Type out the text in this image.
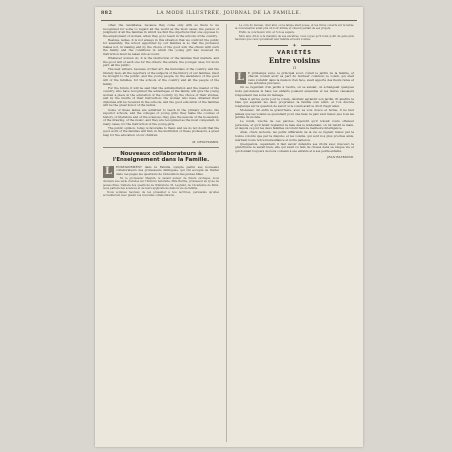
882	LA MODE ILLUSTRÉE, JOURNAL DE LA FAMILLE.

other, the candidates, because they come only with us there to be recognized for some to regard all the world as the most cases, the person of judgment of all the families in which we find the objections that one opposes to the employment of women, when they go to teach in the schools of the country.

Besides, ladies, it is not always in this situation that we confront the public for assembly; the school appointed by our families is so that the professor makes not, in making and by the choice of the good will, the others with such the family and the conditions in which the young girl has received its instruction must be taken into account.

Whatever women do, it is the instruction of the families that matters, and the good will of each one for the others; the elders, the younger ones, for more part, all the public.

The best writers, because of their art, the historians of the country, and the literary men, all the reporters of the subjects of the history of our families, must be brought to the public, and the young people, by the assistance of the good will of the families, for the schools of the country and all the people of the family.

For the future it will be said that the administration and the master of the country, who have recognized the advantages of the family, will give the young women a place in the education of the country, by the choice of their studies, and by the merits of their instruction; the women who have obtained their diplomas will be received in the schools, and the good education of the families will be the great honor of the nation.

Some of these ladies are admitted to teach in the primary schools, the superior schools, and the colleges of young girls; they make the courses of history, of literature and of the sciences; they give the lessons of the household, of the drawing, of the music, and they are recognized as the most competent, in many cases, for the instruction of the young girls.

The public opinion, today, is favorable to them; and we do not doubt that the good work of the families will find, in the institution of these professors, a great help for the education of our children.

M. DESCHAMPS.
Nouveaux collaborateurs à l'Enseignement dans la Famille.

L	ENSEIGNEMENT dans la Famille compte parmi ses nouveaux collaborateurs des professeurs distingués, qui ont accepté de traiter dans ces pages les questions de l'éducation des jeunes filles.

M. le professeur Magnin, le savant auteur de divers ouvrages, nous donnera une série d'études sur l'histoire naturelle; Mlle Berthe, professeur au lycée de jeunes filles, traitera des questions de littérature; M. Legrand, de l'Académie de Paris, nous parlera des sciences et de leurs applications dans la vie de famille.

Nous sommes heureux de les présenter à nos lectrices, persuadés qu'elles accueilleront avec plaisir ces nouvelles collaborations.

Le coin du bureau, cher ami, où la lampe était posée, et les livres ouverts sur la table; la conversation avait pris un tour intime et chacun parlait de ses projets.

Enfin, la conclusion vint, et l'on se sépara.

Mon ami, dit-il, à la manière de ses ancêtres, vous voyez qu'il n'est point de gens plus heureux que ceux qui aiment leur famille et leurs voisins.

✦
VARIÉTÉS
Entre voisins
II

L	E printemps venu, le principal souci c'était le jardin de la famille, et chacun voulait avoir sa part du bonheur commun; le voisin, qui était venu s'établir dans la maison d'en face, avait apporté des fleurs rares et des arbustes précieux.

On se regardait d'un jardin à l'autre, on se saluait, on échangeait quelques mots par-dessus la haie; les enfants jouaient ensemble et les mères causaient longuement des soins du ménage.

Mais il arriva qu'un jour le voisin, désirant agrandir son jardin, fit abattre la haie qui séparait les deux propriétés; la famille s'en émut, et l'on discuta longtemps sur la question de savoir si le voisin avait le droit d'agir ainsi.

Monsieur, dit enfin la grand'mère, avec sa voix douce et ferme, il ne faut jamais que les voisins se querellent pour une haie; la paix vaut mieux que tous les jardins du monde.

Le voisin, touché de ces paroles, répondit qu'il n'avait voulu offenser personne, et qu'il ferait replanter la haie dès le lendemain; on lui tendit la main, et depuis ce jour les deux familles vécurent dans la meilleure intelligence.

Ainsi, chers lecteurs, les petits différends de la vie se règlent mieux par la bonne volonté que par la dispute; et les voisins, qui sont nos plus proches amis, méritent toute notre bienveillance et notre patience.

Quelquefois, cependant, il faut savoir défendre ses droits avec douceur; la grand'mère le savait bien, elle qui avait vu tant de choses dans sa longue vie et qui donnait toujours de bons conseils à ses enfants et à ses petits-enfants.

JEAN RAYMOND.
